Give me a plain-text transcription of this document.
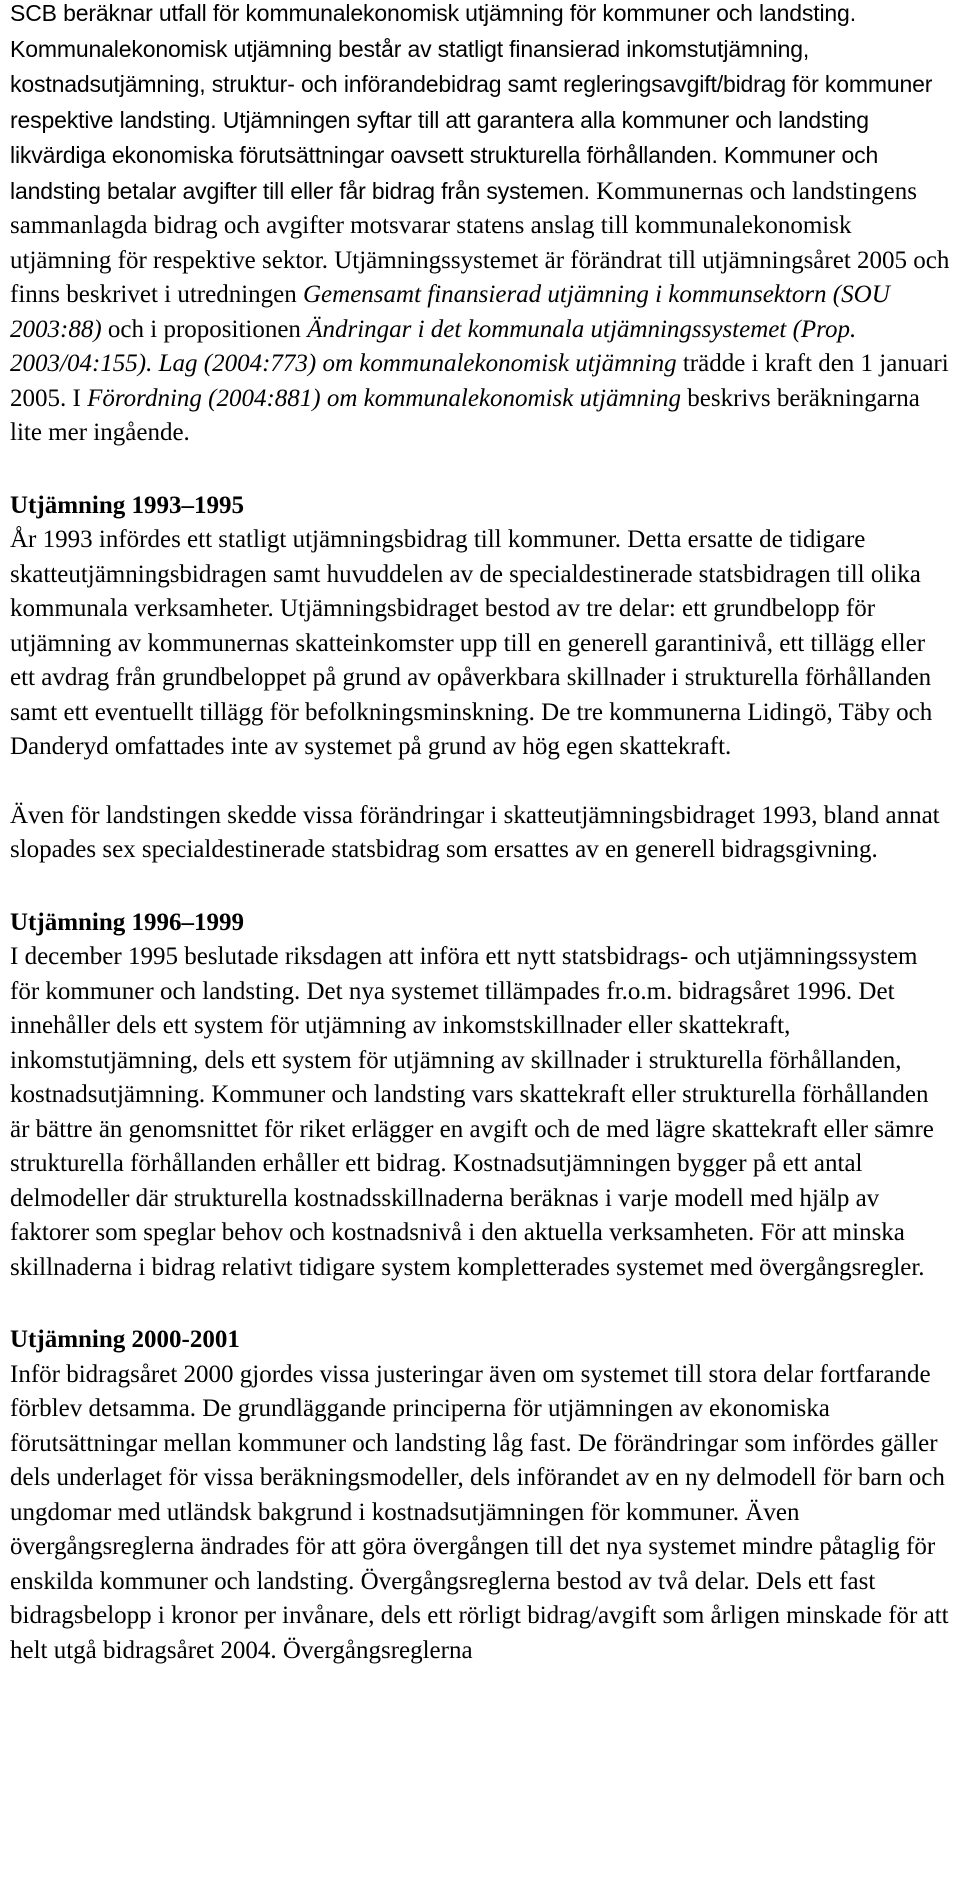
SCB beräknar utfall för kommunalekonomisk utjämning för kommuner och landsting. Kommunalekonomisk utjämning består av statligt finansierad inkomstutjämning, kostnadsutjämning, struktur- och införandebidrag samt regleringsavgift/bidrag för kommuner respektive landsting. Utjämningen syftar till att garantera alla kommuner och landsting likvärdiga ekonomiska förutsättningar oavsett strukturella förhållanden. Kommuner och landsting betalar avgifter till eller får bidrag från systemen. Kommunernas och landstingens sammanlagda bidrag och avgifter motsvarar statens anslag till kommunalekonomisk utjämning för respektive sektor. Utjämningssystemet är förändrat till utjämningsåret 2005 och finns beskrivet i utredningen Gemensamt finansierad utjämning i kommunsektorn (SOU 2003:88) och i propositionen Ändringar i det kommunala utjämningssystemet (Prop. 2003/04:155). Lag (2004:773) om kommunalekonomisk utjämning trädde i kraft den 1 januari 2005. I Förordning (2004:881) om kommunalekonomisk utjämning beskrivs beräkningarna lite mer ingående.

Utjämning 1993–1995

År 1993 infördes ett statligt utjämningsbidrag till kommuner. Detta ersatte de tidigare skatteutjämningsbidragen samt huvuddelen av de specialdestinerade statsbidragen till olika kommunala verksamheter. Utjämningsbidraget bestod av tre delar: ett grundbelopp för utjämning av kommunernas skatteinkomster upp till en generell garantinivå, ett tillägg eller ett avdrag från grundbeloppet på grund av opåverkbara skillnader i strukturella förhållanden samt ett eventuellt tillägg för befolkningsminskning. De tre kommunerna Lidingö, Täby och Danderyd omfattades inte av systemet på grund av hög egen skattekraft.

Även för landstingen skedde vissa förändringar i skatteutjämningsbidraget 1993, bland annat slopades sex specialdestinerade statsbidrag som ersattes av en generell bidragsgivning.

Utjämning 1996–1999

I december 1995 beslutade riksdagen att införa ett nytt statsbidrags- och utjämningssystem för kommuner och landsting. Det nya systemet tillämpades fr.o.m. bidragsåret 1996. Det innehåller dels ett system för utjämning av inkomstskillnader eller skattekraft, inkomstutjämning, dels ett system för utjämning av skillnader i strukturella förhållanden, kostnadsutjämning. Kommuner och landsting vars skattekraft eller strukturella förhållanden är bättre än genomsnittet för riket erlägger en avgift och de med lägre skattekraft eller sämre strukturella förhållanden erhåller ett bidrag. Kostnadsutjämningen bygger på ett antal delmodeller där strukturella kostnadsskillnaderna beräknas i varje modell med hjälp av faktorer som speglar behov och kostnadsnivå i den aktuella verksamheten. För att minska skillnaderna i bidrag relativt tidigare system kompletterades systemet med övergångsregler.

Utjämning 2000-2001

Inför bidragsåret 2000 gjordes vissa justeringar även om systemet till stora delar fortfarande förblev detsamma. De grundläggande principerna för utjämningen av ekonomiska förutsättningar mellan kommuner och landsting låg fast. De förändringar som infördes gäller dels underlaget för vissa beräkningsmodeller, dels införandet av en ny delmodell för barn och ungdomar med utländsk bakgrund i kostnadsutjämningen för kommuner. Även övergångsreglerna ändrades för att göra övergången till det nya systemet mindre påtaglig för enskilda kommuner och landsting. Övergångsreglerna bestod av två delar. Dels ett fast bidragsbelopp i kronor per invånare, dels ett rörligt bidrag/avgift som årligen minskade för att helt utgå bidragsåret 2004. Övergångsreglerna
